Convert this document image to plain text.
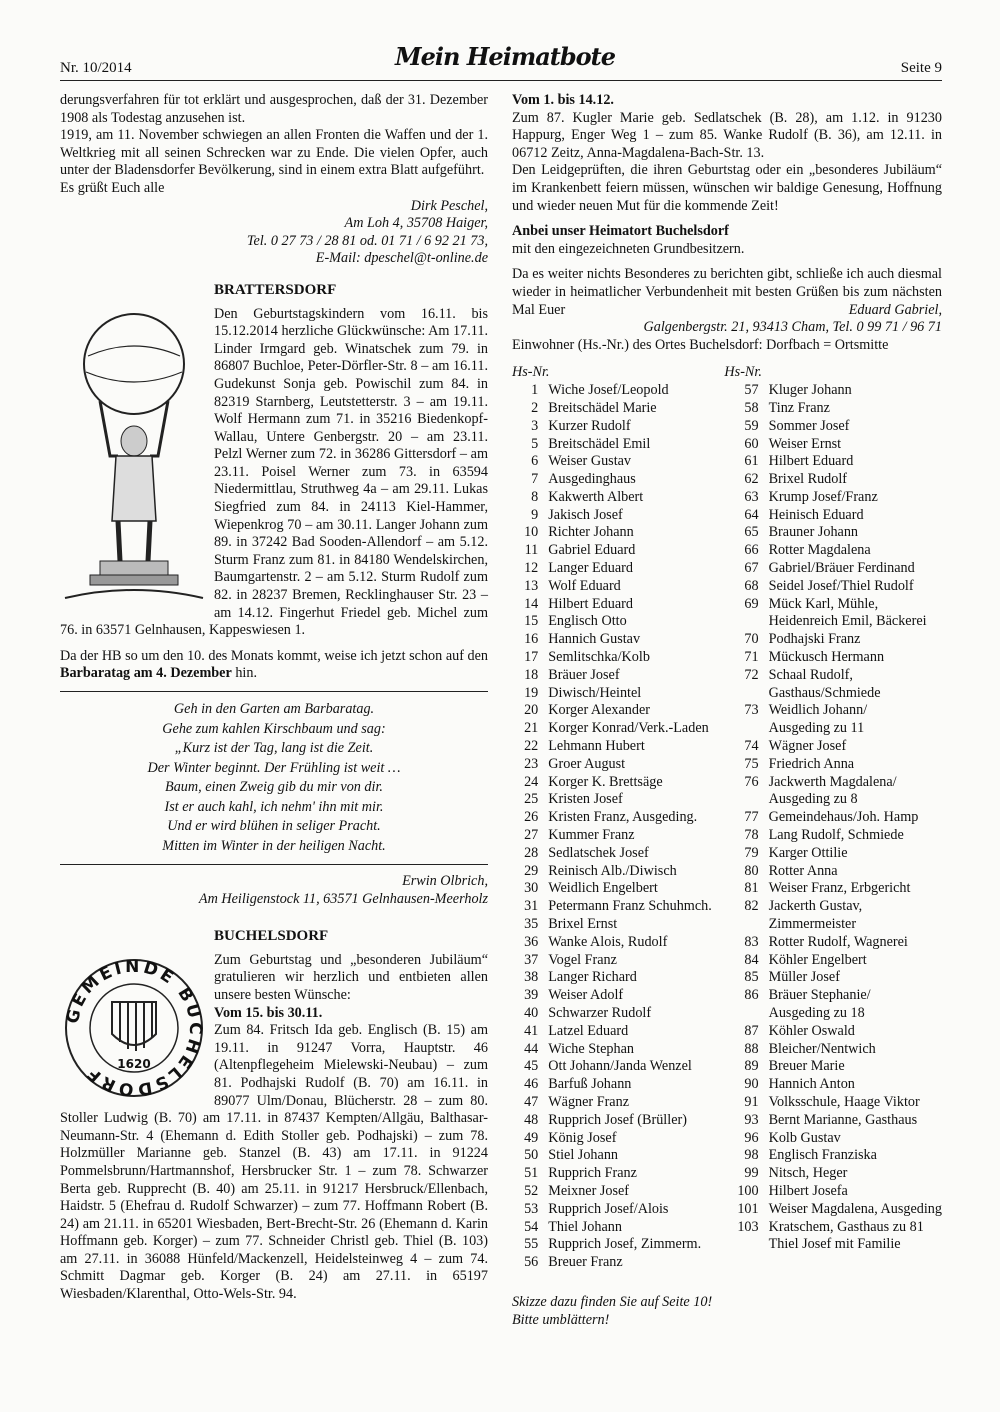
Nr. 10/2014	Mein Heimatbote	Seite 9

derungsverfahren für tot erklärt und ausgesprochen, daß der 31. Dezember 1908 als Todestag anzusehen ist.

1919, am 11. November schwiegen an allen Fronten die Waffen und der 1. Weltkrieg mit all seinen Schrecken war zu Ende. Die vielen Opfer, auch unter der Bladensdorfer Bevölkerung, sind in einem extra Blatt aufgeführt.

Es grüßt Euch alle

Dirk Peschel,

Am Loh 4, 35708 Haiger,

Tel. 0 27 73 / 28 81 od. 01 71 / 6 92 21 73,

E-Mail: dpeschel@t-online.de

BRATTERSDORF

Den Geburtstagskindern vom 16.11. bis 15.12.2014 herzliche Glückwünsche: Am 17.11. Linder Irmgard geb. Winatschek zum 79. in 86807 Buchloe, Peter-Dörfler-Str. 8 – am 16.11. Gudekunst Sonja geb. Powischil zum 84. in 82319 Starnberg, Leutstetterstr. 3 – am 19.11. Wolf Hermann zum 71. in 35216 Biedenkopf-Wallau, Untere Genbergstr. 20 – am 23.11. Pelzl Werner zum 72. in 36286 Gittersdorf – am 23.11. Poisel Werner zum 73. in 63594 Niedermittlau, Struthweg 4a – am 29.11. Lukas Siegfried zum 84. in 24113 Kiel-Hammer, Wiepenkrog 70 – am 30.11. Langer Johann zum 89. in 37242 Bad Sooden-Allendorf – am 5.12. Sturm Franz zum 81. in 84180 Wendelskirchen, Baumgartenstr. 2 – am 5.12. Sturm Rudolf zum 82. in 28237 Bremen, Recklinghauser Str. 23 – am 14.12. Fingerhut Friedel geb. Michel zum 76. in 63571 Gelnhausen, Kappeswiesen 1.

Da der HB so um den 10. des Monats kommt, weise ich jetzt schon auf den Barbaratag am 4. Dezember hin.

Geh in den Garten am Barbaratag.

Gehe zum kahlen Kirschbaum und sag:

„Kurz ist der Tag, lang ist die Zeit.

Der Winter beginnt. Der Frühling ist weit …

Baum, einen Zweig gib du mir von dir.

Ist er auch kahl, ich nehm' ihn mit mir.

Und er wird blühen in seliger Pracht.

Mitten im Winter in der heiligen Nacht.

Erwin Olbrich,

Am Heiligenstock 11, 63571 Gelnhausen-Meerholz

BUCHELSDORF
GEMEINDE BUCHELSDORF 1620

Zum Geburtstag und „besonderen Jubiläum“ gratulieren wir herzlich und entbieten allen unsere besten Wünsche:

Vom 15. bis 30.11.

Zum 84. Fritsch Ida geb. Englisch (B. 15) am 19.11. in 91247 Vorra, Hauptstr. 46 (Altenpflegeheim Mielewski-Neubau) – zum 81. Podhajski Rudolf (B. 70) am 16.11. in 89077 Ulm/Donau, Blücherstr. 28 – zum 80. Stoller Ludwig (B. 70) am 17.11. in 87437 Kempten/Allgäu, Balthasar-Neumann-Str. 4 (Ehemann d. Edith Stoller geb. Podhajski) – zum 78. Holzmüller Marianne geb. Stanzel (B. 43) am 17.11. in 91224 Pommelsbrunn/Hartmannshof, Hersbrucker Str. 1 – zum 78. Schwarzer Berta geb. Rupprecht (B. 40) am 25.11. in 91217 Hersbruck/Ellenbach, Haidstr. 5 (Ehefrau d. Rudolf Schwarzer) – zum 77. Hoffmann Robert (B. 24) am 21.11. in 65201 Wiesbaden, Bert-Brecht-Str. 26 (Ehemann d. Karin Hoffmann geb. Korger) – zum 77. Schneider Christl geb. Thiel (B. 103) am 27.11. in 36088 Hünfeld/Mackenzell, Heidelsteinweg 4 – zum 74. Schmitt Dagmar geb. Korger (B. 24) am 27.11. in 65197 Wiesbaden/Klarenthal, Otto-Wels-Str. 94.

Vom 1. bis 14.12.

Zum 87. Kugler Marie geb. Sedlatschek (B. 28), am 1.12. in 91230 Happurg, Enger Weg 1 – zum 85. Wanke Rudolf (B. 36), am 12.11. in 06712 Zeitz, Anna-Magdalena-Bach-Str. 13.

Den Leidgeprüften, die ihren Geburtstag oder ein „besonderes Jubiläum“ im Krankenbett feiern müssen, wünschen wir baldige Genesung, Hoffnung und wieder neuen Mut für die kommende Zeit!

Anbei unser Heimatort Buchelsdorf

mit den eingezeichneten Grundbesitzern.

Da es weiter nichts Besonderes zu berichten gibt, schließe ich auch diesmal wieder in heimatlicher Verbundenheit mit besten Grüßen bis zum nächsten Mal Euer	Eduard Gabriel,

Galgenbergstr. 21, 93413 Cham, Tel. 0 99 71 / 96 71

Einwohner (Hs.-Nr.) des Ortes Buchelsdorf: Dorfbach = Ortsmitte

Hs-Nr.		Hs-Nr.	
1	Wiche Josef/Leopold	57	Kluger Johann
2	Breitschädel Marie	58	Tinz Franz
3	Kurzer Rudolf	59	Sommer Josef
5	Breitschädel Emil	60	Weiser Ernst
6	Weiser Gustav	61	Hilbert Eduard
7	Ausgedinghaus	62	Brixel Rudolf
8	Kakwerth Albert	63	Krump Josef/Franz
9	Jakisch Josef	64	Heinisch Eduard
10	Richter Johann	65	Brauner Johann
11	Gabriel Eduard	66	Rotter Magdalena
12	Langer Eduard	67	Gabriel/Bräuer Ferdinand
13	Wolf Eduard	68	Seidel Josef/Thiel Rudolf
14	Hilbert Eduard	69	Mück Karl, Mühle,
15	Englisch Otto		Heidenreich Emil, Bäckerei
16	Hannich Gustav	70	Podhajski Franz
17	Semlitschka/Kolb	71	Mückusch Hermann
18	Bräuer Josef	72	Schaal Rudolf,
19	Diwisch/Heintel		Gasthaus/Schmiede
20	Korger Alexander	73	Weidlich Johann/
21	Korger Konrad/Verk.-Laden		Ausgeding zu 11
22	Lehmann Hubert	74	Wägner Josef
23	Groer August	75	Friedrich Anna
24	Korger K. Brettsäge	76	Jackwerth Magdalena/
25	Kristen Josef		Ausgeding zu 8
26	Kristen Franz, Ausgeding.	77	Gemeindehaus/Joh. Hamp
27	Kummer Franz	78	Lang Rudolf, Schmiede
28	Sedlatschek Josef	79	Karger Ottilie
29	Reinisch Alb./Diwisch	80	Rotter Anna
30	Weidlich Engelbert	81	Weiser Franz, Erbgericht
31	Petermann Franz Schuhmch.	82	Jackerth Gustav,
35	Brixel Ernst		Zimmermeister
36	Wanke Alois, Rudolf	83	Rotter Rudolf, Wagnerei
37	Vogel Franz	84	Köhler Engelbert
38	Langer Richard	85	Müller Josef
39	Weiser Adolf	86	Bräuer Stephanie/
40	Schwarzer Rudolf		Ausgeding zu 18
41	Latzel Eduard	87	Köhler Oswald
44	Wiche Stephan	88	Bleicher/Nentwich
45	Ott Johann/Janda Wenzel	89	Breuer Marie
46	Barfuß Johann	90	Hannich Anton
47	Wägner Franz	91	Volksschule, Haage Viktor
48	Rupprich Josef (Brüller)	93	Bernt Marianne, Gasthaus
49	König Josef	96	Kolb Gustav
50	Stiel Johann	98	Englisch Franziska
51	Rupprich Franz	99	Nitsch, Heger
52	Meixner Josef	100	Hilbert Josefa
53	Rupprich Josef/Alois	101	Weiser Magdalena, Ausgeding
54	Thiel Johann	103	Kratschem, Gasthaus zu 81
55	Rupprich Josef, Zimmerm.		Thiel Josef mit Familie
56	Breuer Franz		

Skizze dazu finden Sie auf Seite 10!

Bitte umblättern!
